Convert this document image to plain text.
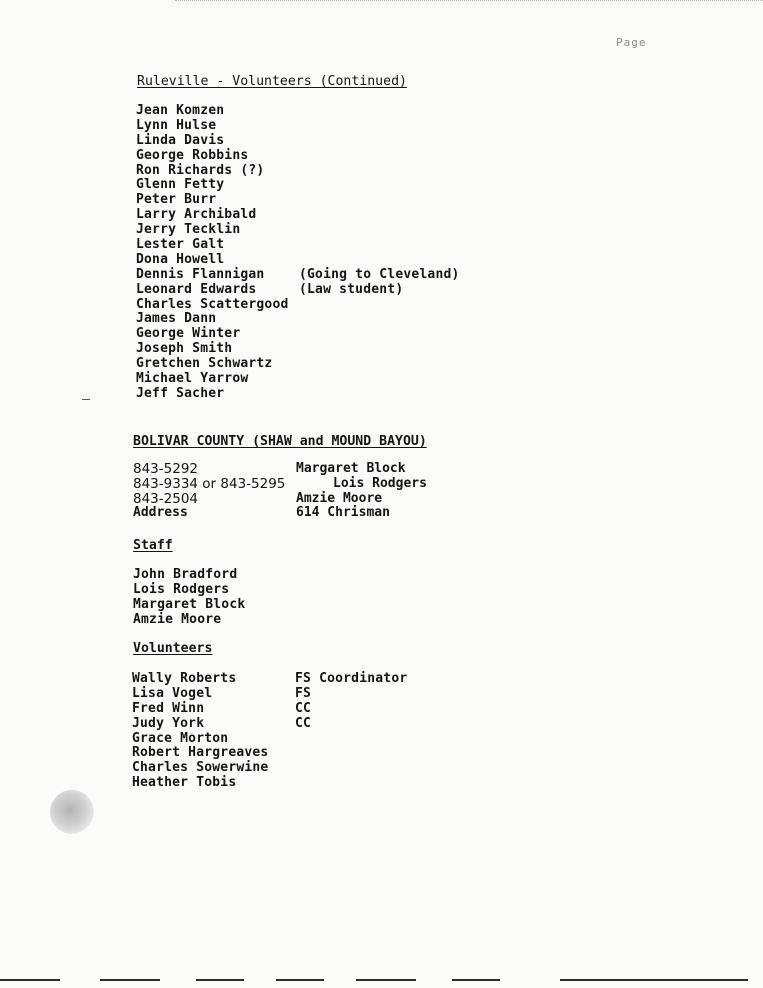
Page
Ruleville - Volunteers (Continued)
Jean Komzen
Lynn Hulse
Linda Davis
George Robbins
Ron Richards (?)
Glenn Fetty
Peter Burr
Larry Archibald
Jerry Tecklin
Lester Galt
Dona Howell
Dennis Flannigan	(Going to Cleveland)
Leonard Edwards	(Law student)
Charles Scattergood
James Dann
George Winter
Joseph Smith
Gretchen Schwartz
Michael Yarrow
Jeff Sacher
BOLIVAR COUNTY (SHAW and MOUND BAYOU)
843-5292	Margaret Block
843-9334 or 843-5295	Lois Rodgers
843-2504	Amzie Moore
Address	614 Chrisman
Staff
John Bradford
Lois Rodgers
Margaret Block
Amzie Moore
Volunteers
Wally Roberts	FS Coordinator
Lisa Vogel	FS
Fred Winn	CC
Judy York	CC
Grace Morton
Robert Hargreaves
Charles Sowerwine
Heather Tobis
